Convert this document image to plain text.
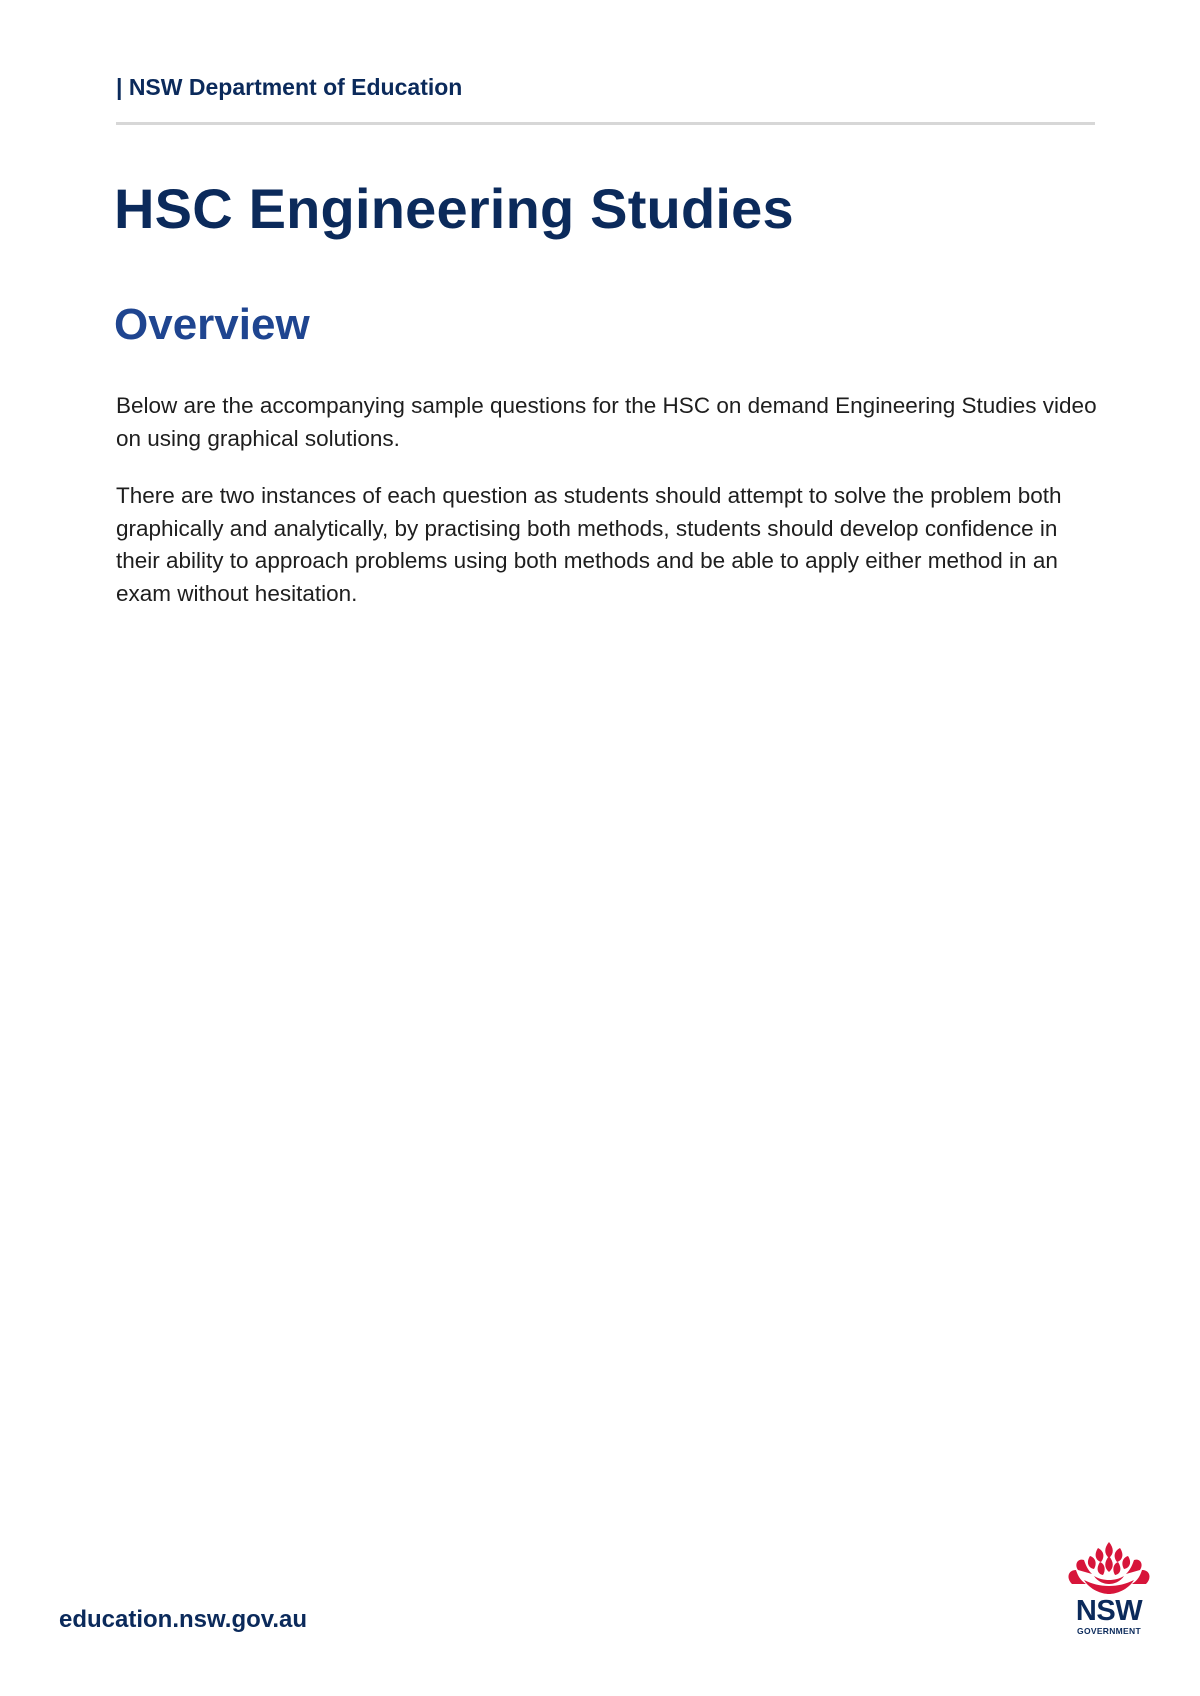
| NSW Department of Education
HSC Engineering Studies
Overview

Below are the accompanying sample questions for the HSC on demand Engineering Studies video on using graphical solutions.

There are two instances of each question as students should attempt to solve the problem both graphically and analytically, by practising both methods, students should develop confidence in their ability to approach problems using both methods and be able to apply either method in an exam without hesitation.

education.nsw.gov.au	NSW
GOVERNMENT
